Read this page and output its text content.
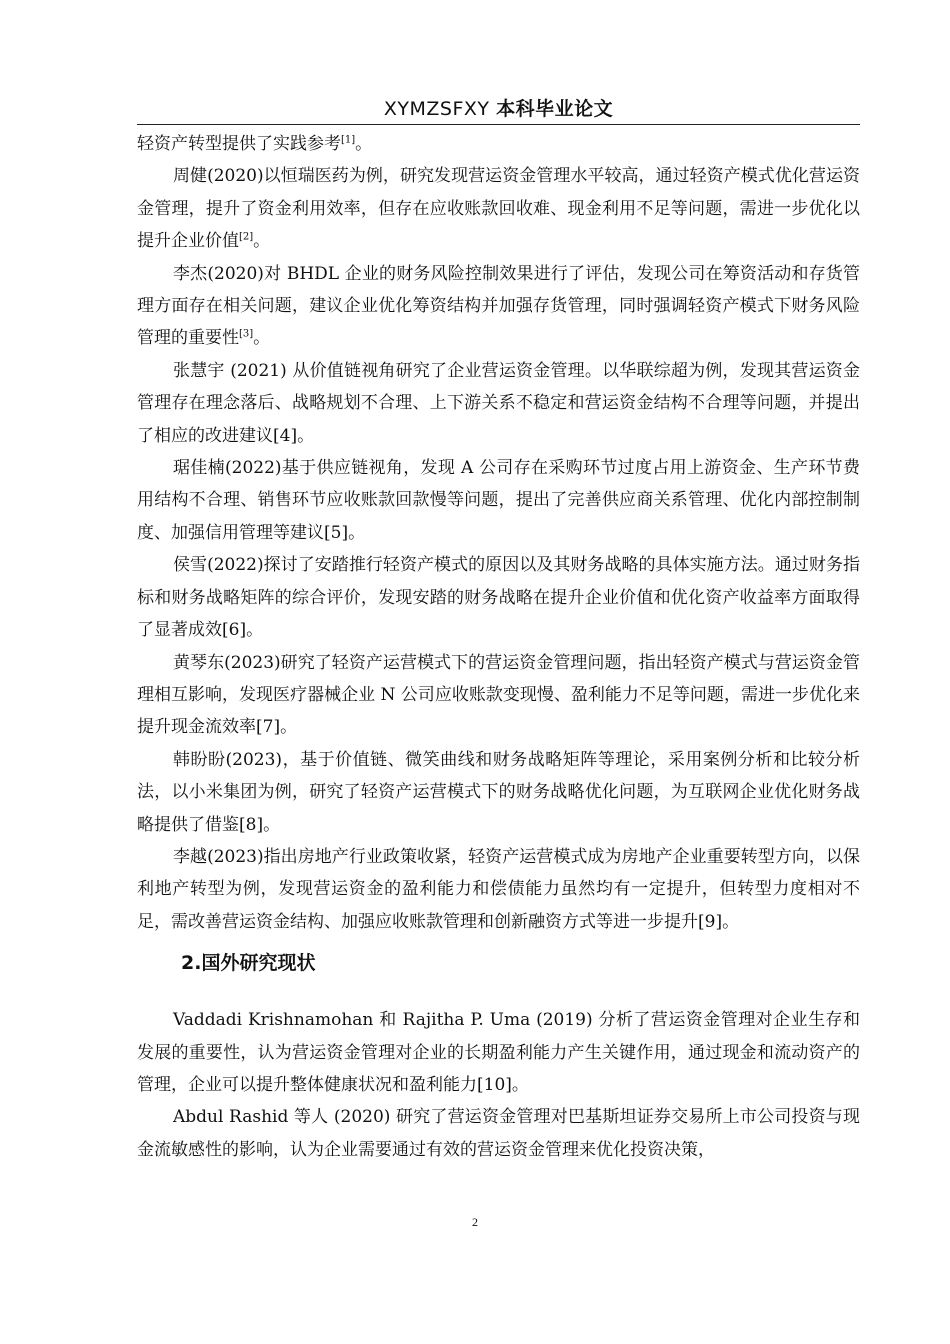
XYMZSFXY 本科毕业论文

轻资产转型提供了实践参考[1]。

周健(2020)以恒瑞医药为例，研究发现营运资金管理水平较高，通过轻资产模式优化营运资金管理，提升了资金利用效率，但存在应收账款回收难、现金利用不足等问题，需进一步优化以提升企业价值[2]。

李杰(2020)对 BHDL 企业的财务风险控制效果进行了评估，发现公司在筹资活动和存货管理方面存在相关问题，建议企业优化筹资结构并加强存货管理，同时强调轻资产模式下财务风险管理的重要性[3]。

张慧宇 (2021) 从价值链视角研究了企业营运资金管理。以华联综超为例，发现其营运资金管理存在理念落后、战略规划不合理、上下游关系不稳定和营运资金结构不合理等问题，并提出了相应的改进建议[4]。

琚佳楠(2022)基于供应链视角，发现 A 公司存在采购环节过度占用上游资金、生产环节费用结构不合理、销售环节应收账款回款慢等问题，提出了完善供应商关系管理、优化内部控制制度、加强信用管理等建议[5]。

侯雪(2022)探讨了安踏推行轻资产模式的原因以及其财务战略的具体实施方法。通过财务指标和财务战略矩阵的综合评价，发现安踏的财务战略在提升企业价值和优化资产收益率方面取得了显著成效[6]。

黄琴东(2023)研究了轻资产运营模式下的营运资金管理问题，指出轻资产模式与营运资金管理相互影响，发现医疗器械企业 N 公司应收账款变现慢、盈利能力不足等问题，需进一步优化来提升现金流效率[7]。

韩盼盼(2023)，基于价值链、微笑曲线和财务战略矩阵等理论，采用案例分析和比较分析法，以小米集团为例，研究了轻资产运营模式下的财务战略优化问题，为互联网企业优化财务战略提供了借鉴[8]。

李越(2023)指出房地产行业政策收紧，轻资产运营模式成为房地产企业重要转型方向，以保利地产转型为例，发现营运资金的盈利能力和偿债能力虽然均有一定提升，但转型力度相对不足，需改善营运资金结构、加强应收账款管理和创新融资方式等进一步提升[9]。

2.国外研究现状

Vaddadi Krishnamohan 和 Rajitha P. Uma (2019) 分析了营运资金管理对企业生存和发展的重要性，认为营运资金管理对企业的长期盈利能力产生关键作用，通过现金和流动资产的管理，企业可以提升整体健康状况和盈利能力[10]。

Abdul Rashid 等人 (2020) 研究了营运资金管理对巴基斯坦证券交易所上市公司投资与现金流敏感性的影响，认为企业需要通过有效的营运资金管理来优化投资决策，

2
